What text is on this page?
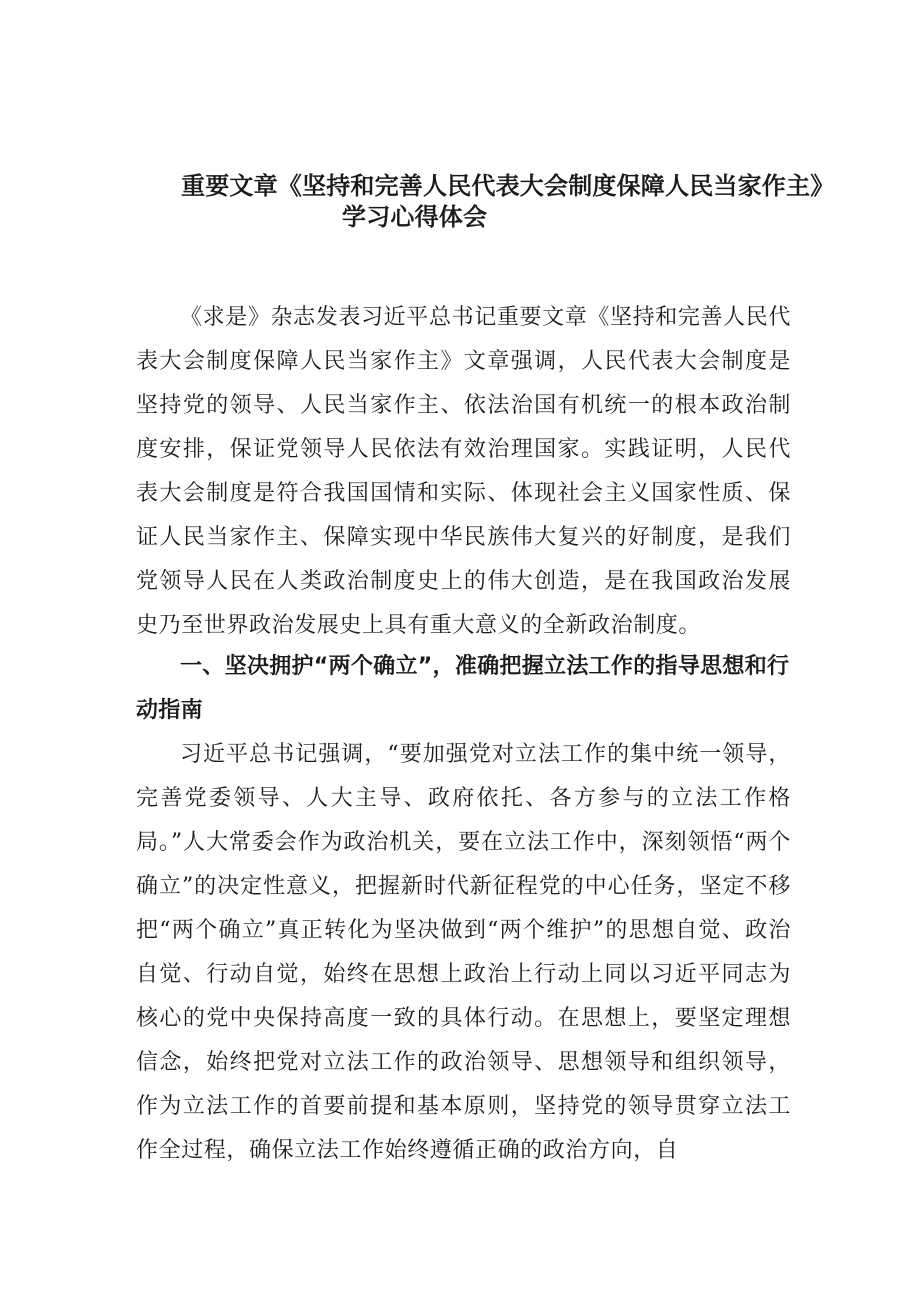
重要文章《坚持和完善人民代表大会制度保障人民当家作主》
学习心得体会

《求是》杂志发表习近平总书记重要文章《坚持和完善人民代表大会制度保障人民当家作主》文章强调，人民代表大会制度是坚持党的领导、人民当家作主、依法治国有机统一的根本政治制度安排，保证党领导人民依法有效治理国家。实践证明，人民代表大会制度是符合我国国情和实际、体现社会主义国家性质、保证人民当家作主、保障实现中华民族伟大复兴的好制度，是我们党领导人民在人类政治制度史上的伟大创造，是在我国政治发展史乃至世界政治发展史上具有重大意义的全新政治制度。

一、坚决拥护“两个确立”，准确把握立法工作的指导思想和行动指南

习近平总书记强调，“要加强党对立法工作的集中统一领导，完善党委领导、人大主导、政府依托、各方参与的立法工作格局。”人大常委会作为政治机关，要在立法工作中，深刻领悟“两个确立”的决定性意义，把握新时代新征程党的中心任务，坚定不移把“两个确立”真正转化为坚决做到“两个维护”的思想自觉、政治自觉、行动自觉，始终在思想上政治上行动上同以习近平同志为核心的党中央保持高度一致的具体行动。在思想上，要坚定理想信念，始终把党对立法工作的政治领导、思想领导和组织领导，作为立法工作的首要前提和基本原则，坚持党的领导贯穿立法工作全过程，确保立法工作始终遵循正确的政治方向，自
